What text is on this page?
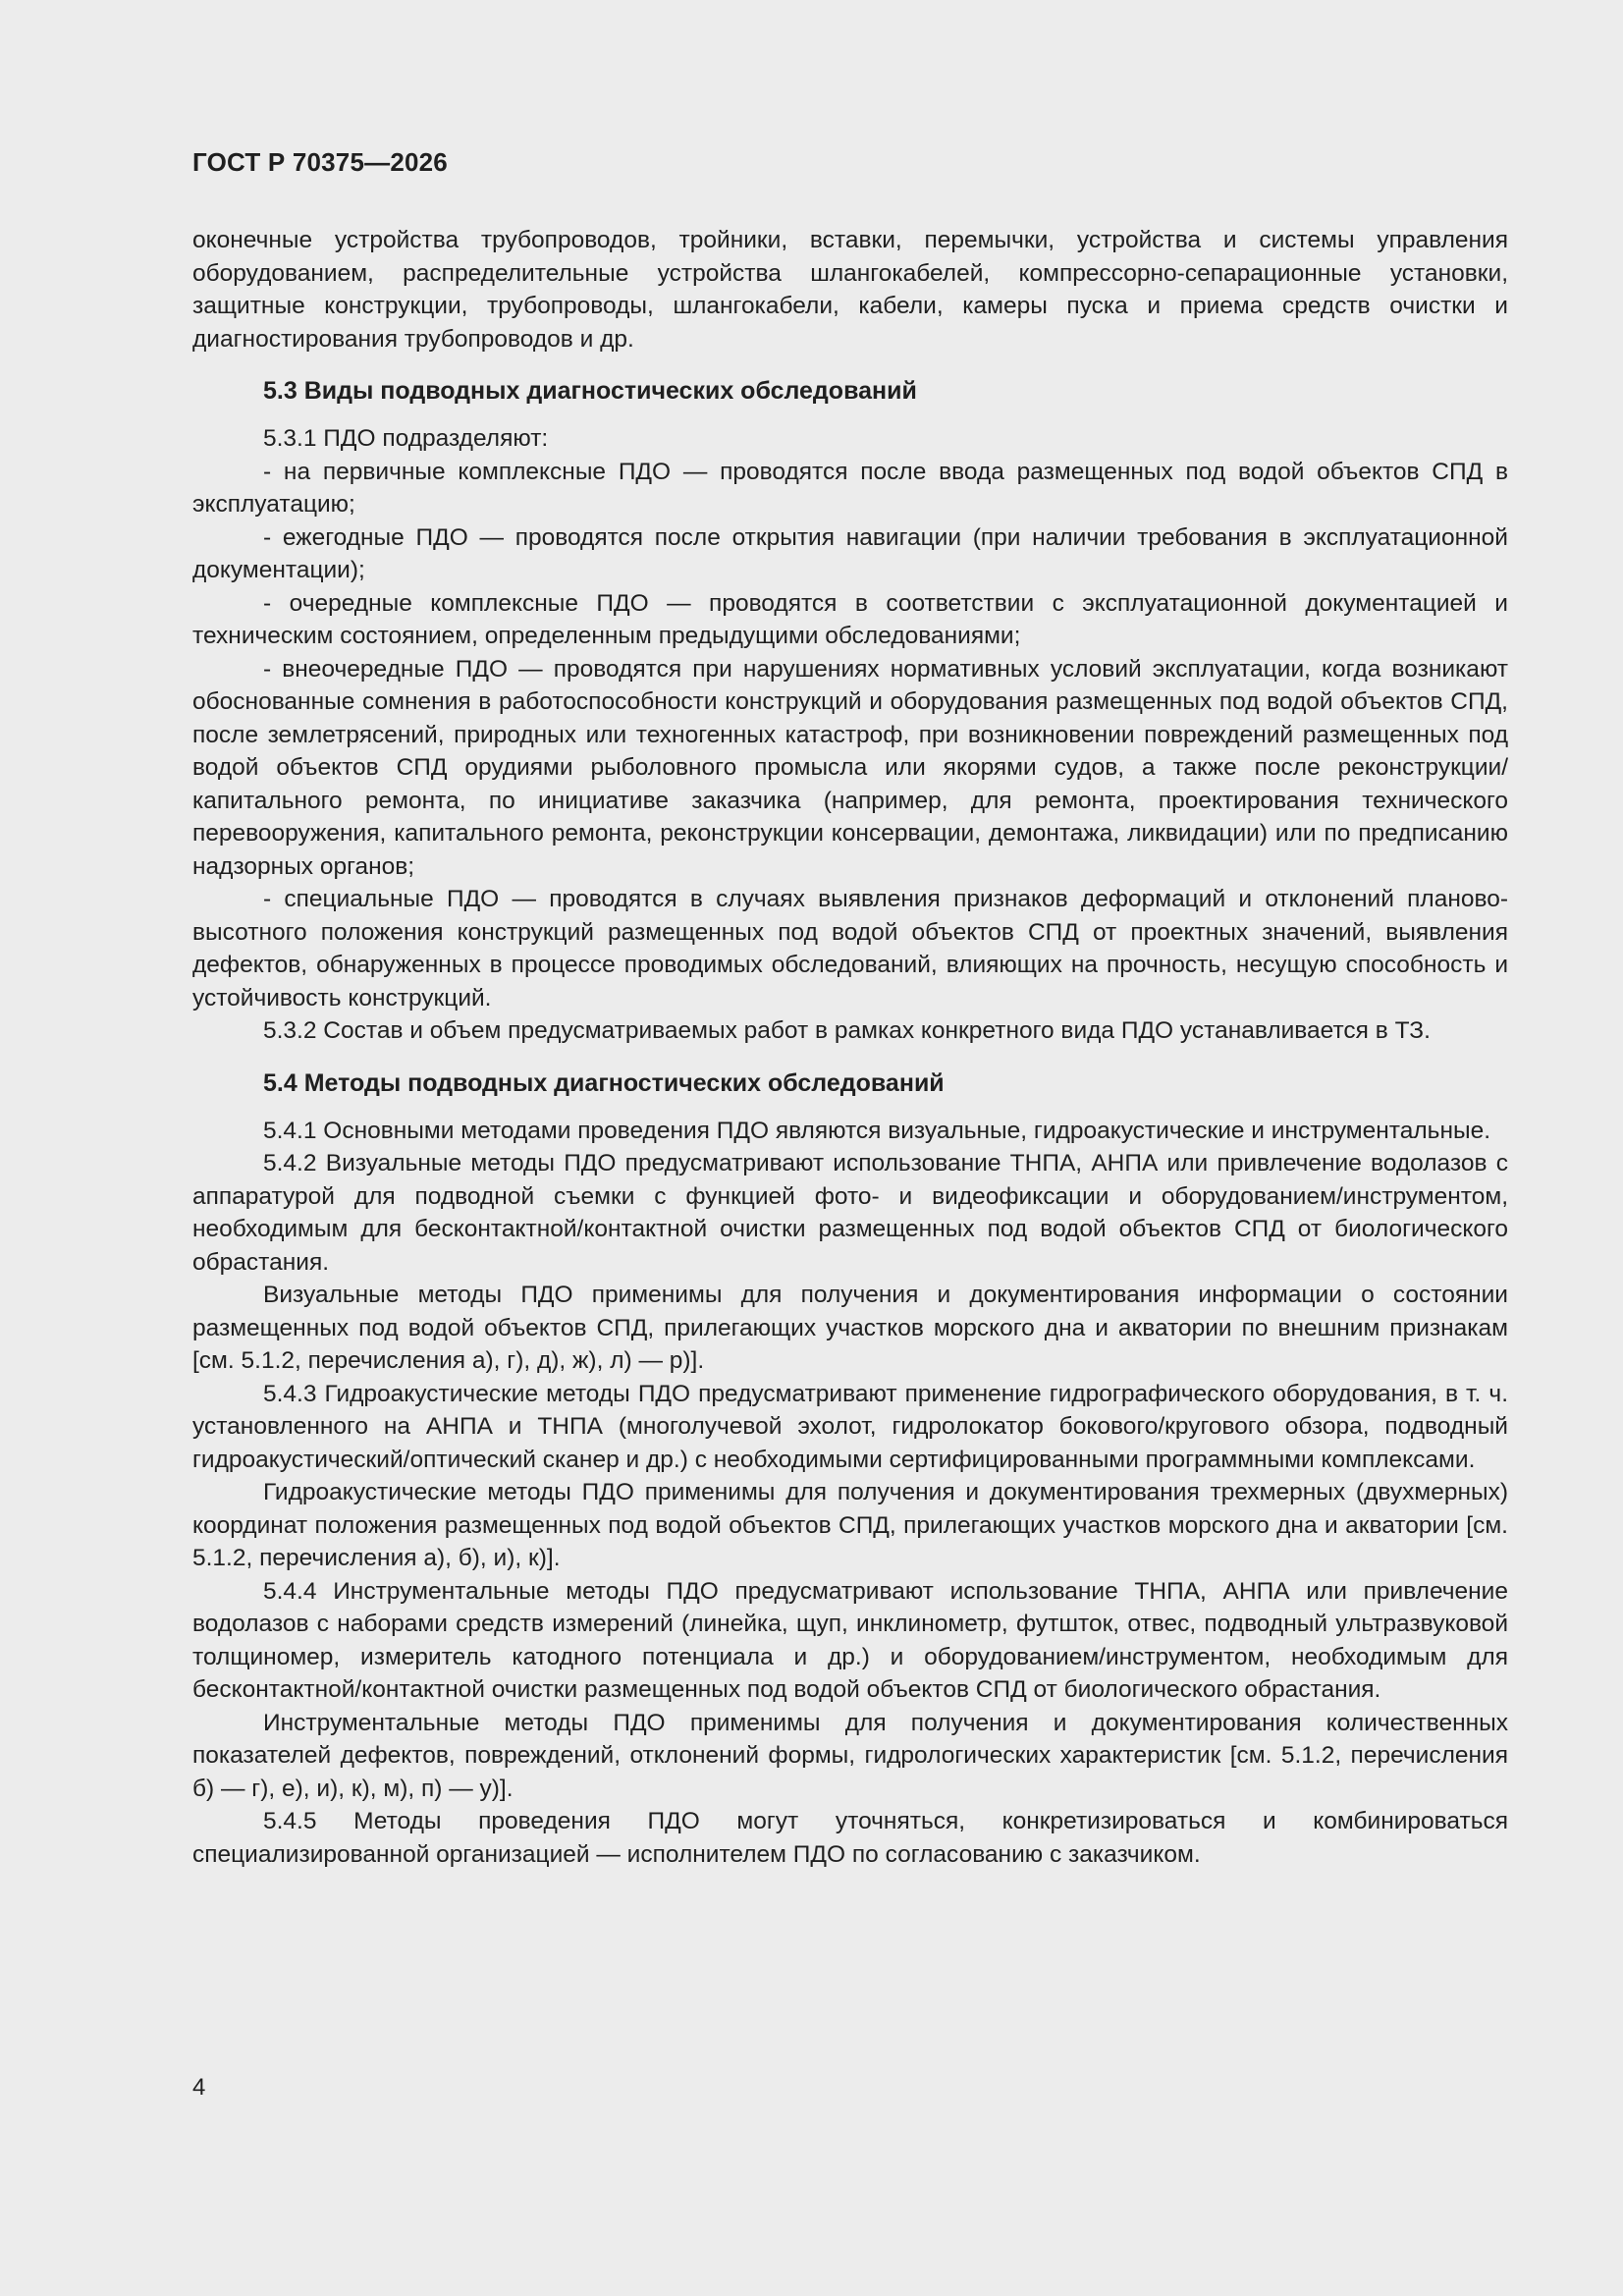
ГОСТ Р 70375—2026

оконечные устройства трубопроводов, тройники, вставки, перемычки, устройства и системы управления оборудованием, распределительные устройства шлангокабелей, компрессорно-сепарационные установки, защитные конструкции, трубопроводы, шлангокабели, кабели, камеры пуска и приема средств очистки и диагностирования трубопроводов и др.

5.3 Виды подводных диагностических обследований

5.3.1 ПДО подразделяют:

- на первичные комплексные ПДО — проводятся после ввода размещенных под водой объектов СПД в эксплуатацию;

- ежегодные ПДО — проводятся после открытия навигации (при наличии требования в эксплуатационной документации);

- очередные комплексные ПДО — проводятся в соответствии с эксплуатационной документацией и техническим состоянием, определенным предыдущими обследованиями;

- внеочередные ПДО — проводятся при нарушениях нормативных условий эксплуатации, когда возникают обоснованные сомнения в работоспособности конструкций и оборудования размещенных под водой объектов СПД, после землетрясений, природных или техногенных катастроф, при возникновении повреждений размещенных под водой объектов СПД орудиями рыболовного промысла или якорями судов, а также после реконструкции/капитального ремонта, по инициативе заказчика (например, для ремонта, проектирования технического перевооружения, капитального ремонта, реконструкции консервации, демонтажа, ликвидации) или по предписанию надзорных органов;

- специальные ПДО — проводятся в случаях выявления признаков деформаций и отклонений планово-высотного положения конструкций размещенных под водой объектов СПД от проектных значений, выявления дефектов, обнаруженных в процессе проводимых обследований, влияющих на прочность, несущую способность и устойчивость конструкций.

5.3.2 Состав и объем предусматриваемых работ в рамках конкретного вида ПДО устанавливается в ТЗ.

5.4 Методы подводных диагностических обследований

5.4.1 Основными методами проведения ПДО являются визуальные, гидроакустические и инструментальные.

5.4.2 Визуальные методы ПДО предусматривают использование ТНПА, АНПА или привлечение водолазов с аппаратурой для подводной съемки с функцией фото- и видеофиксации и оборудованием/инструментом, необходимым для бесконтактной/контактной очистки размещенных под водой объектов СПД от биологического обрастания.

Визуальные методы ПДО применимы для получения и документирования информации о состоянии размещенных под водой объектов СПД, прилегающих участков морского дна и акватории по внешним признакам [см. 5.1.2, перечисления а), г), д), ж), л) — р)].

5.4.3 Гидроакустические методы ПДО предусматривают применение гидрографического оборудования, в т. ч. установленного на АНПА и ТНПА (многолучевой эхолот, гидролокатор бокового/кругового обзора, подводный гидроакустический/оптический сканер и др.) с необходимыми сертифицированными программными комплексами.

Гидроакустические методы ПДО применимы для получения и документирования трехмерных (двухмерных) координат положения размещенных под водой объектов СПД, прилегающих участков морского дна и акватории [см. 5.1.2, перечисления а), б), и), к)].

5.4.4 Инструментальные методы ПДО предусматривают использование ТНПА, АНПА или привлечение водолазов с наборами средств измерений (линейка, щуп, инклинометр, футшток, отвес, подводный ультразвуковой толщиномер, измеритель катодного потенциала и др.) и оборудованием/инструментом, необходимым для бесконтактной/контактной очистки размещенных под водой объектов СПД от биологического обрастания.

Инструментальные методы ПДО применимы для получения и документирования количественных показателей дефектов, повреждений, отклонений формы, гидрологических характеристик [см. 5.1.2, перечисления б) — г), е), и), к), м), п) — у)].

5.4.5 Методы проведения ПДО могут уточняться, конкретизироваться и комбинироваться специализированной организацией — исполнителем ПДО по согласованию с заказчиком.

4
